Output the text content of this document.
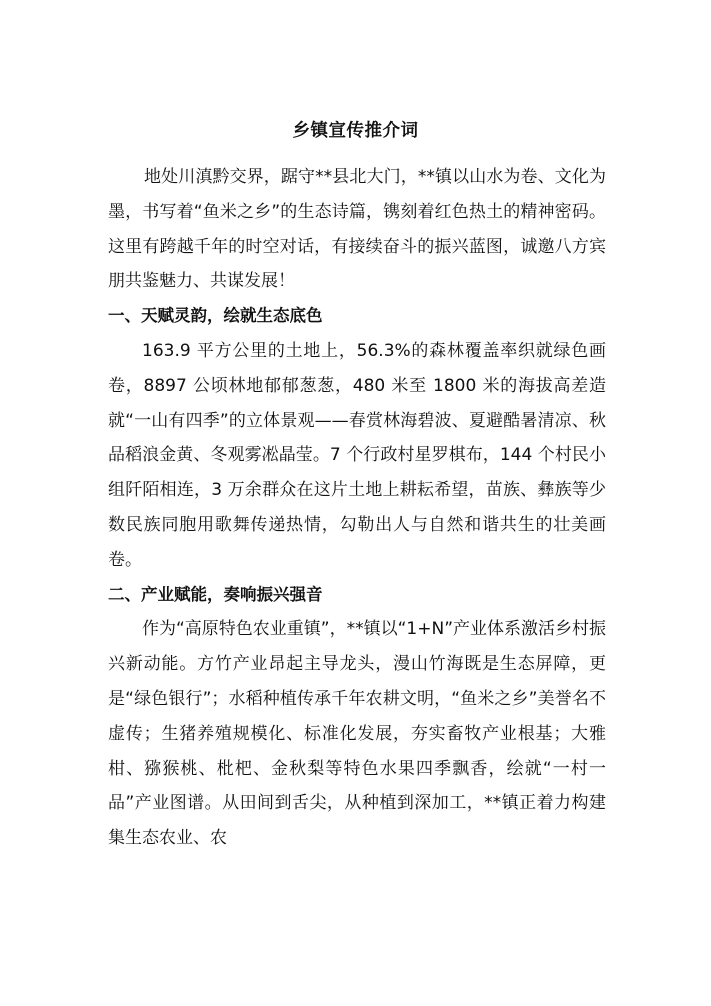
乡镇宣传推介词

地处川滇黔交界，踞守**县北大门，**镇以山水为卷、文化为墨，书写着“鱼米之乡”的生态诗篇，镌刻着红色热土的精神密码。这里有跨越千年的时空对话，有接续奋斗的振兴蓝图，诚邀八方宾朋共鉴魅力、共谋发展！

一、天赋灵韵，绘就生态底色

163.9 平方公里的土地上，56.3%的森林覆盖率织就绿色画卷，8897 公顷林地郁郁葱葱，480 米至 1800 米的海拔高差造就“一山有四季”的立体景观——春赏林海碧波、夏避酷暑清凉、秋品稻浪金黄、冬观雾凇晶莹。7 个行政村星罗棋布，144 个村民小组阡陌相连，3 万余群众在这片土地上耕耘希望，苗族、彝族等少数民族同胞用歌舞传递热情，勾勒出人与自然和谐共生的壮美画卷。

二、产业赋能，奏响振兴强音

作为“高原特色农业重镇”，**镇以“1+N”产业体系激活乡村振兴新动能。方竹产业昂起主导龙头，漫山竹海既是生态屏障，更是“绿色银行”；水稻种植传承千年农耕文明，“鱼米之乡”美誉名不虚传；生猪养殖规模化、标准化发展，夯实畜牧产业根基；大雅柑、猕猴桃、枇杷、金秋梨等特色水果四季飘香，绘就“一村一品”产业图谱。从田间到舌尖，从种植到深加工，**镇正着力构建集生态农业、农
